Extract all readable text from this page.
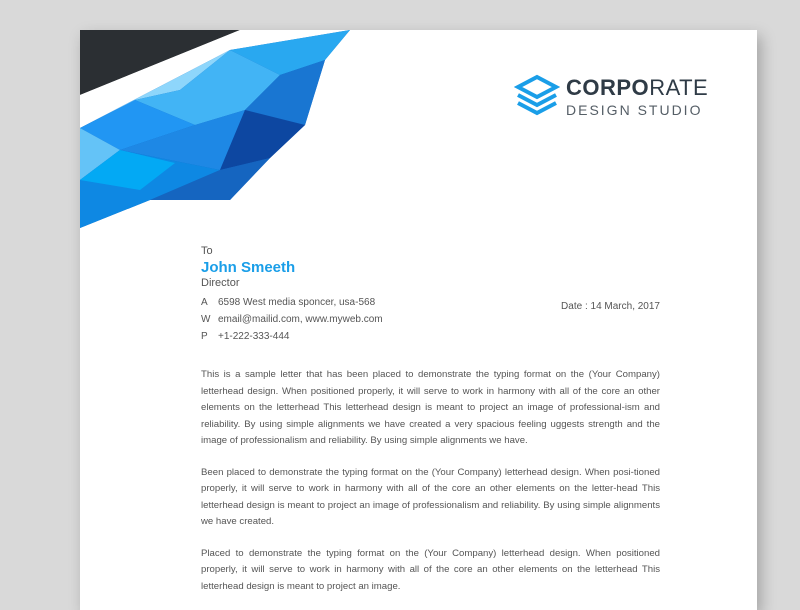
CORPORATE
DESIGN STUDIO
To
John Smeeth
Director
A	6598 West media sponcer, usa-568
W email@mailid.com, www.myweb.com
P	+1-222-333-444
Date : 14 March, 2017

This is a sample letter that has been placed to demonstrate the typing format on the (Your Company) letterhead design. When positioned properly, it will serve to work in harmony with all of the core an other elements on the letterhead This letterhead design is meant to project an image of professional-ism and reliability. By using simple alignments we have created a very spacious feeling uggests strength and the image of professionalism and reliability. By using simple alignments we have.

Been placed to demonstrate the typing format on the (Your Company) letterhead design. When posi-tioned properly, it will serve to work in harmony with all of the core an other elements on the letter-head This letterhead design is meant to project an image of professionalism and reliability. By using simple alignments we have created.

Placed to demonstrate the typing format on the (Your Company) letterhead design. When positioned properly, it will serve to work in harmony with all of the core an other elements on the letterhead This letterhead design is meant to project an image.
